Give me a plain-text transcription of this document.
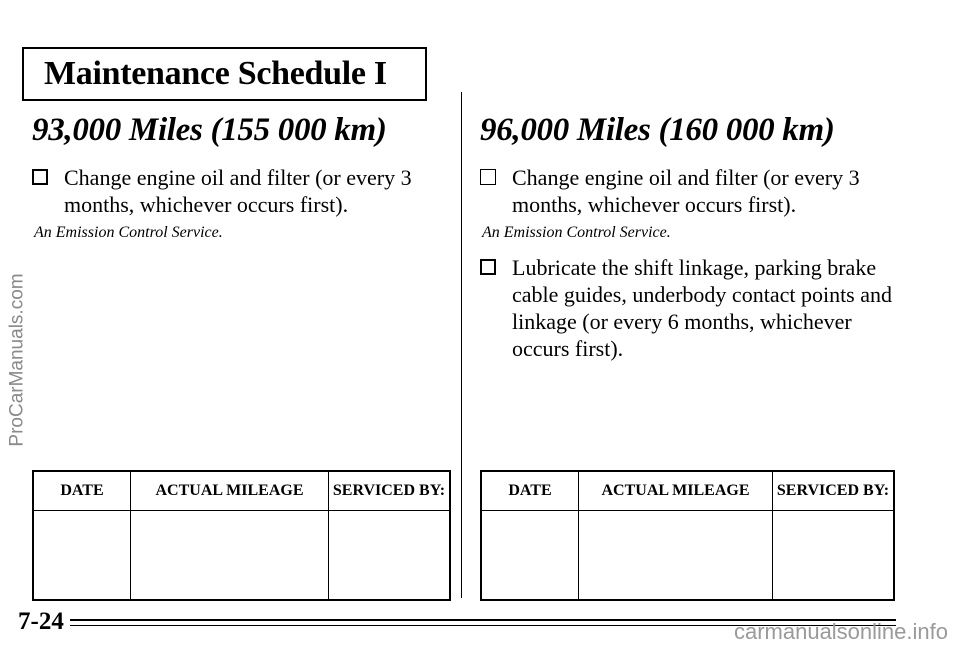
Maintenance Schedule I
ProCarManuals.com
93,000 Miles (155 000 km)
Change engine oil and filter (or every 3 months, whichever occurs first).
An Emission Control Service.
96,000 Miles (160 000 km)
Change engine oil and filter (or every 3 months, whichever occurs first).
An Emission Control Service.
Lubricate the shift linkage, parking brake cable guides, underbody contact points and linkage (or every 6 months, whichever occurs first).
DATE	ACTUAL MILEAGE	SERVICED BY:
			DATE	ACTUAL MILEAGE	SERVICED BY:

7-24	carmanualsonline.info
